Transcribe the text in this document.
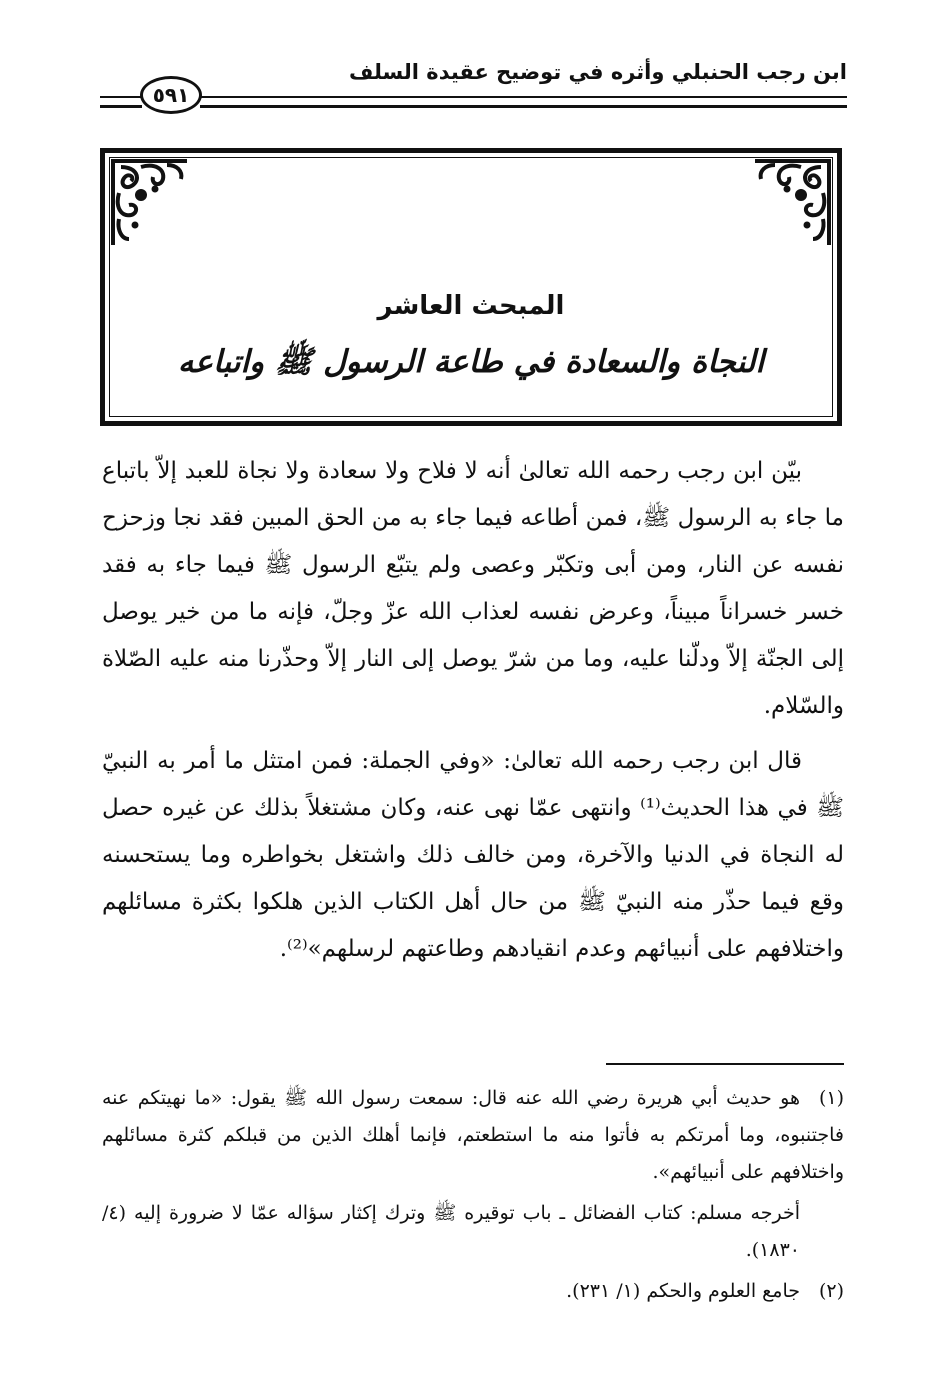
ابن رجب الحنبلي وأثره في توضيح عقيدة السلف
٥٩١
المبحث العاشر
النجاة والسعادة في طاعة الرسول ﷺ واتباعه

بيّن ابن رجب رحمه الله تعالىٰ أنه لا فلاح ولا سعادة ولا نجاة للعبد إلاّ باتباع ما جاء به الرسول ﷺ، فمن أطاعه فيما جاء به من الحق المبين فقد نجا وزحزح نفسه عن النار، ومن أبى وتكبّر وعصى ولم يتبّع الرسول ﷺ فيما جاء به فقد خسر خسراناً مبيناً، وعرض نفسه لعذاب الله عزّ وجلّ، فإنه ما من خير يوصل إلى الجنّة إلاّ ودلّنا عليه، وما من شرّ يوصل إلى النار إلاّ وحذّرنا منه عليه الصّلاة والسّلام.

قال ابن رجب رحمه الله تعالىٰ: «وفي الجملة: فمن امتثل ما أمر به النبيّ ﷺ في هذا الحديث⁽¹⁾ وانتهى عمّا نهى عنه، وكان مشتغلاً بذلك عن غيره حصل له النجاة في الدنيا والآخرة، ومن خالف ذلك واشتغل بخواطره وما يستحسنه وقع فيما حذّر منه النبيّ ﷺ من حال أهل الكتاب الذين هلكوا بكثرة مسائلهم واختلافهم على أنبيائهم وعدم انقيادهم وطاعتهم لرسلهم»⁽²⁾.

(١)هو حديث أبي هريرة رضي الله عنه قال: سمعت رسول الله ﷺ يقول: «ما نهيتكم عنه فاجتنبوه، وما أمرتكم به فأتوا منه ما استطعتم، فإنما أهلك الذين من قبلكم كثرة مسائلهم واختلافهم على أنبيائهم».
أخرجه مسلم: كتاب الفضائل ـ باب توقيره ﷺ وترك إكثار سؤاله عمّا لا ضرورة إليه (٤/ ١٨٣٠).
(٢)جامع العلوم والحكم (١/ ٢٣١).
